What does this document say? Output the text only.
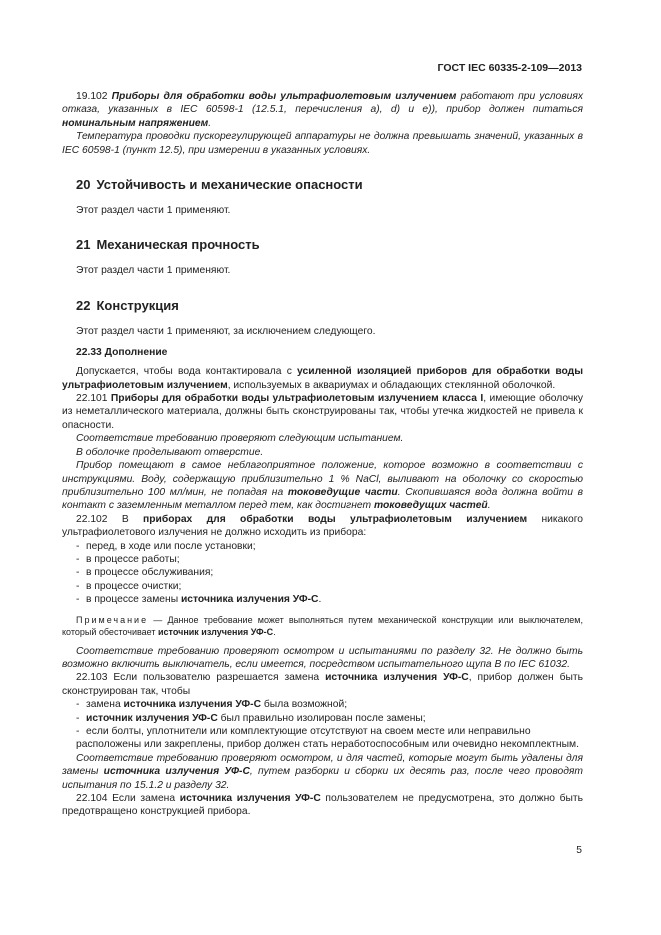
ГОСТ IEC 60335-2-109—2013

19.102 Приборы для обработки воды ультрафиолетовым излучением работают при условиях отказа, указанных в IEC 60598-1 (12.5.1, перечисления a), d) и e)), прибор должен питаться номинальным напряжением.

Температура проводки пускорегулирующей аппаратуры не должна превышать значений, указанных в IEC 60598-1 (пункт 12.5), при измерении в указанных условиях.

20 Устойчивость и механические опасности

Этот раздел части 1 применяют.

21 Механическая прочность

Этот раздел части 1 применяют.

22 Конструкция

Этот раздел части 1 применяют, за исключением следующего.

22.33 Дополнение

Допускается, чтобы вода контактировала с усиленной изоляцией приборов для обработки воды ультрафиолетовым излучением, используемых в аквариумах и обладающих стеклянной оболочкой.

22.101 Приборы для обработки воды ультрафиолетовым излучением класса I, имеющие оболочку из неметаллического материала, должны быть сконструированы так, чтобы утечка жидкостей не привела к опасности.

Соответствие требованию проверяют следующим испытанием.

В оболочке проделывают отверстие.

Прибор помещают в самое неблагоприятное положение, которое возможно в соответствии с инструкциями. Воду, содержащую приблизительно 1 % NaCl, выливают на оболочку со скоростью приблизительно 100 мл/мин, не попадая на токоведущие части. Скопившаяся вода должна войти в контакт с заземленным металлом перед тем, как достигнет токоведущих частей.

22.102 В приборах для обработки воды ультрафиолетовым излучением никакого ультрафиолетового излучения не должно исходить из прибора:

- перед, в ходе или после установки;
- в процессе работы;
- в процессе обслуживания;
- в процессе очистки;
- в процессе замены источника излучения УФ-С.

Примечание — Данное требование может выполняться путем механической конструкции или выключателем, который обесточивает источник излучения УФ-С.

Соответствие требованию проверяют осмотром и испытаниями по разделу 32. Не должно быть возможно включить выключатель, если имеется, посредством испытательного щупа В по IEC 61032.

22.103 Если пользователю разрешается замена источника излучения УФ-С, прибор должен быть сконструирован так, чтобы

- замена источника излучения УФ-С была возможной;
- источник излучения УФ-С был правильно изолирован после замены;
- если болты, уплотнители или комплектующие отсутствуют на своем месте или неправильно расположены или закреплены, прибор должен стать неработоспособным или очевидно некомплектным.

Соответствие требованию проверяют осмотром, и для частей, которые могут быть удалены для замены источника излучения УФ-С, путем разборки и сборки их десять раз, после чего проводят испытания по 15.1.2 и разделу 32.

22.104 Если замена источника излучения УФ-С пользователем не предусмотрена, это должно быть предотвращено конструкцией прибора.

5
